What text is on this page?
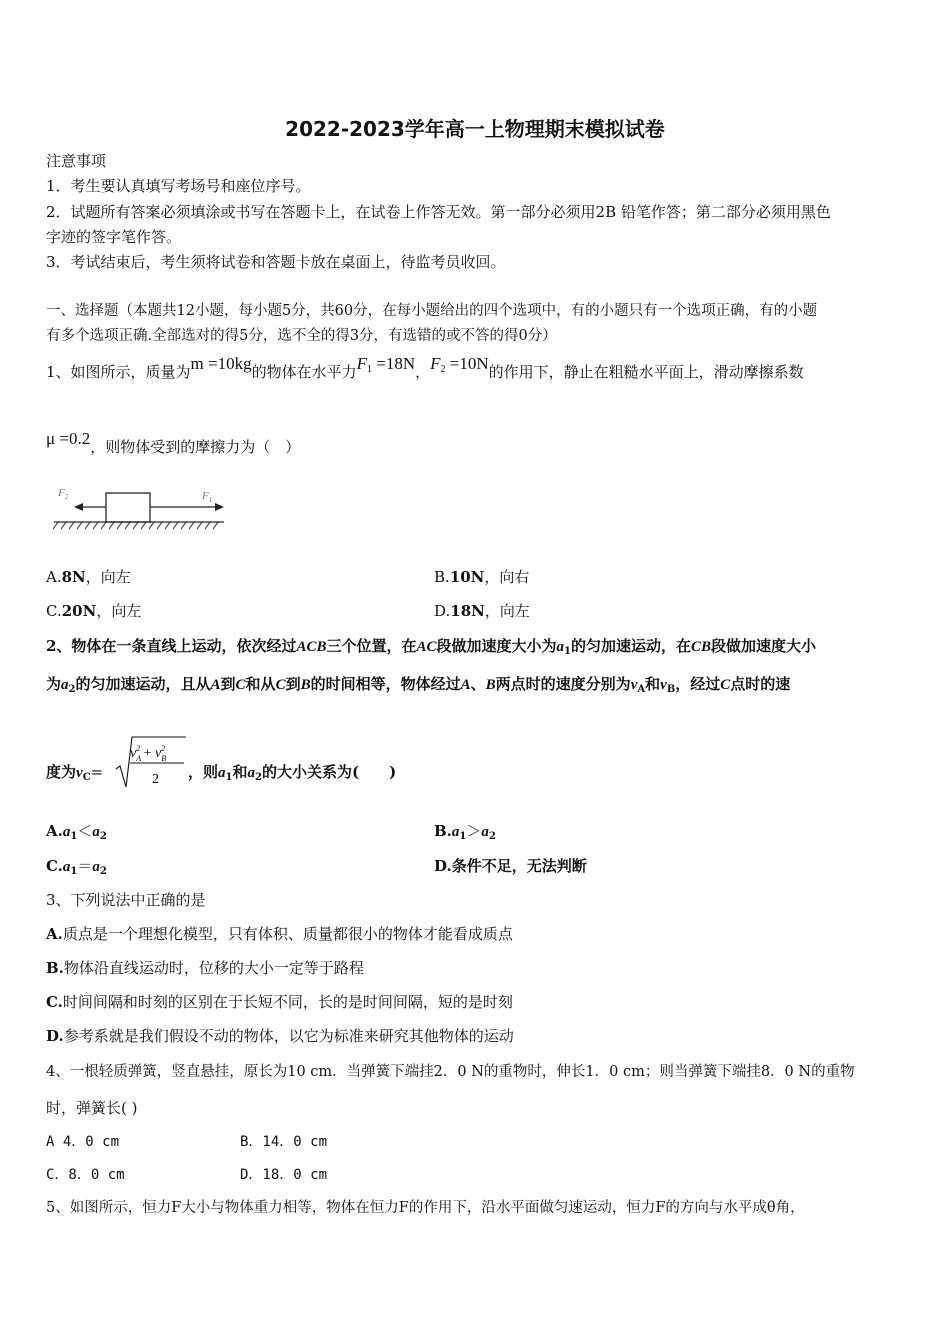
2022-2023学年高一上物理期末模拟试卷
注意事项
1．考生要认真填写考场号和座位序号。
2．试题所有答案必须填涂或书写在答题卡上，在试卷上作答无效。第一部分必须用2B 铅笔作答；第二部分必须用黑色
字迹的签字笔作答。
3．考试结束后，考生须将试卷和答题卡放在桌面上，待监考员收回。
一、选择题（本题共12小题，每小题5分，共60分，在每小题给出的四个选项中，有的小题只有一个选项正确，有的小题
有多个选项正确.全部选对的得5分，选不全的得3分，有选错的或不答的得0分）
1、如图所示，质量为m =10kg的物体在水平力$F_1 =18N$，$F_2 =10N$的作用下，静止在粗糙水平面上，滑动摩擦系数
μ =0.2，则物体受到的摩擦力为（　）
$F_2$	$F_1$
A.8N，向左	B.10N，向右
C.20N，向左	D.18N，向左
2、物体在一条直线上运动，依次经过ACB三个位置，在AC段做加速度大小为$a_1$的匀加速运动，在CB段做加速度大小
为$a_2$的匀加速运动，且从A到C和从C到B的时间相等，物体经过A、B两点时的速度分别为$v_A$和$v_B$，经过C点时的速
度为$v_C=$
$v_A2 + v_B2$
2 ，则$a_1$和$a_2$的大小关系为(　　)
$A.a_1<a_2$	$B.a_1>a_2$
$C.a_1=a_2$	D.条件不足，无法判断
3、下列说法中正确的是
A.质点是一个理想化模型，只有体积、质量都很小的物体才能看成质点
B.物体沿直线运动时，位移的大小一定等于路程
C.时间间隔和时刻的区别在于长短不同，长的是时间间隔，短的是时刻
D.参考系就是我们假设不动的物体，以它为标准来研究其他物体的运动
4、一根轻质弹簧，竖直悬挂，原长为10 cm．当弹簧下端挂2．0 N的重物时，伸长1．0 cm；则当弹簧下端挂8．0 N的重物
时，弹簧长( )
A 4．0 cm	B．14．0 cm
C．8．0 cm	D．18．0 cm
5、如图所示，恒力F大小与物体重力相等，物体在恒力F的作用下，沿水平面做匀速运动，恒力F的方向与水平成θ角，
